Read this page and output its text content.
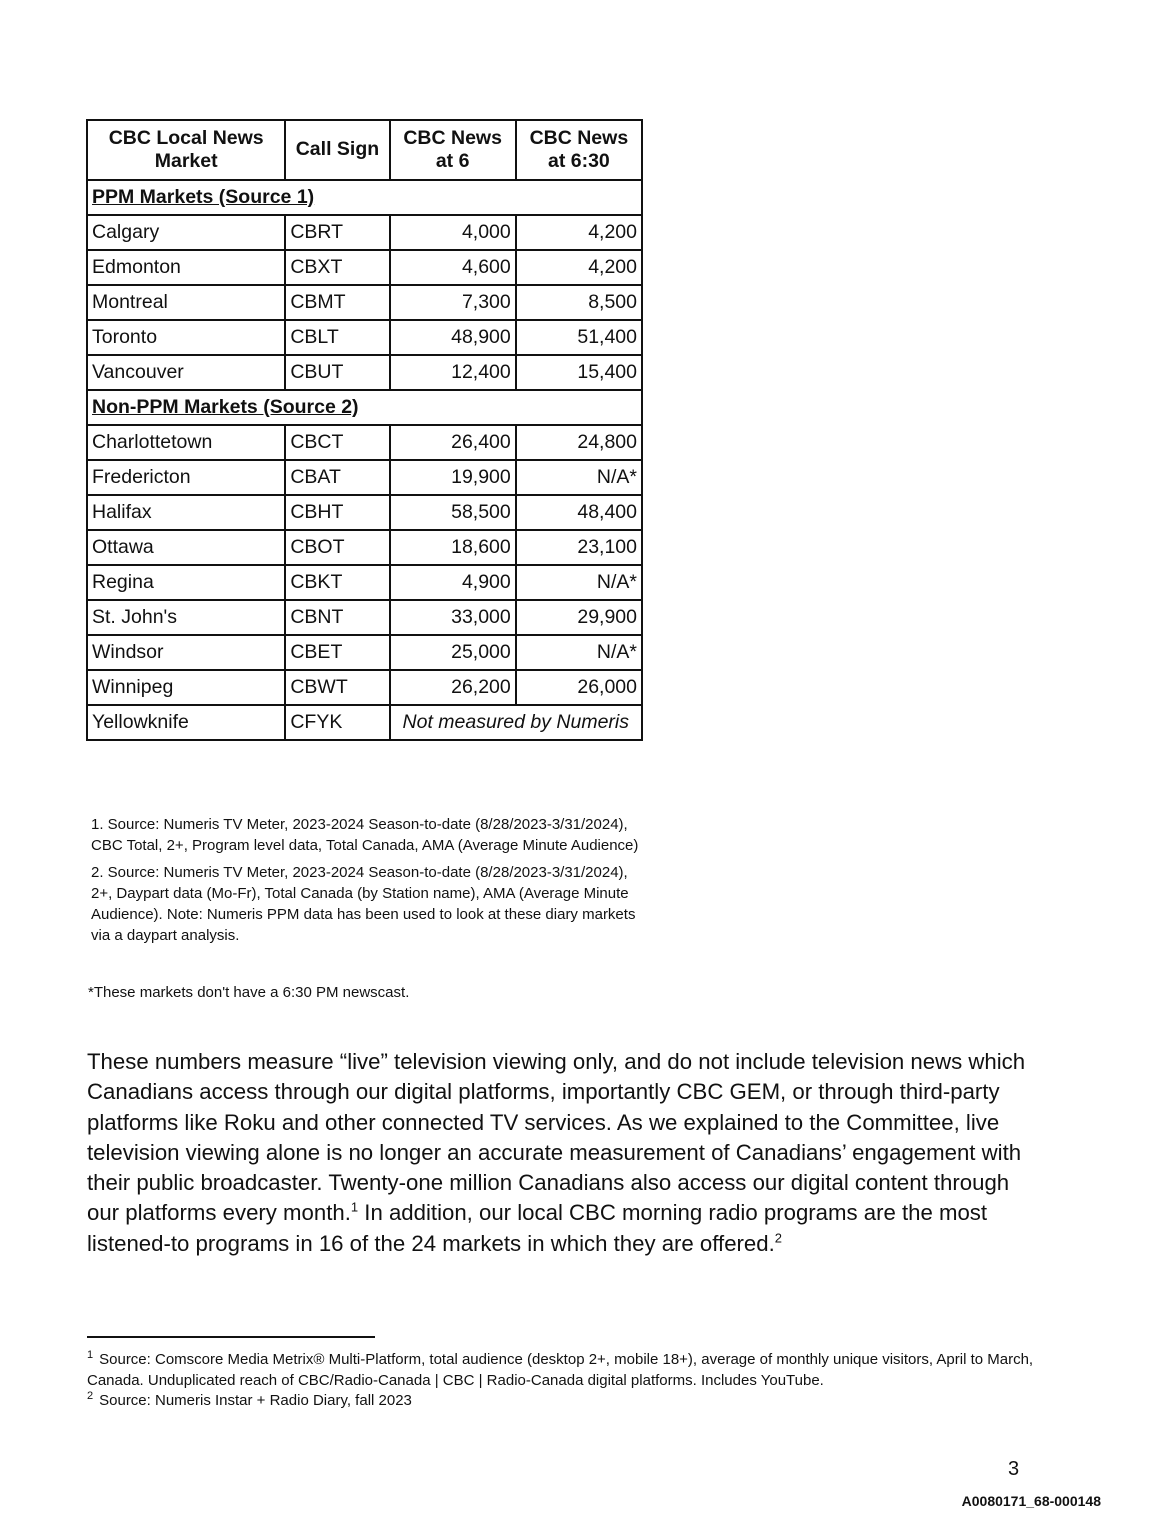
CBC Local News Market	Call Sign	CBC News at 6	CBC News at 6:30
PPM Markets (Source 1)			
Calgary	CBRT	4,000	4,200
Edmonton	CBXT	4,600	4,200
Montreal	CBMT	7,300	8,500
Toronto	CBLT	48,900	51,400
Vancouver	CBUT	12,400	15,400
Non-PPM Markets (Source 2)			
Charlottetown	CBCT	26,400	24,800
Fredericton	CBAT	19,900	N/A*
Halifax	CBHT	58,500	48,400
Ottawa	CBOT	18,600	23,100
Regina	CBKT	4,900	N/A*
St. John's	CBNT	33,000	29,900
Windsor	CBET	25,000	N/A*
Winnipeg	CBWT	26,200	26,000
Yellowknife	CFYK	Not measured by Numeris	

1. Source: Numeris TV Meter, 2023-2024 Season-to-date (8/28/2023-3/31/2024), CBC Total, 2+, Program level data, Total Canada, AMA (Average Minute Audience)

2. Source: Numeris TV Meter, 2023-2024 Season-to-date (8/28/2023-3/31/2024), 2+, Daypart data (Mo-Fr), Total Canada (by Station name), AMA (Average Minute Audience). Note: Numeris PPM data has been used to look at these diary markets via a daypart analysis.

*These markets don't have a 6:30 PM newscast.

These numbers measure “live” television viewing only, and do not include television news which Canadians access through our digital platforms, importantly CBC GEM, or through third-party platforms like Roku and other connected TV services. As we explained to the Committee, live television viewing alone is no longer an accurate measurement of Canadians’ engagement with their public broadcaster. Twenty-one million Canadians also access our digital content through our platforms every month.$^1$ In addition, our local CBC morning radio programs are the most listened-to programs in 16 of the 24 markets in which they are offered.$^2$

$^1$ Source: Comscore Media Metrix® Multi-Platform, total audience (desktop 2+, mobile 18+), average of monthly unique visitors, April to March, Canada. Unduplicated reach of CBC/Radio-Canada | CBC | Radio-Canada digital platforms. Includes YouTube.

$^2$ Source: Numeris Instar + Radio Diary, fall 2023

3
A0080171_68-000148
